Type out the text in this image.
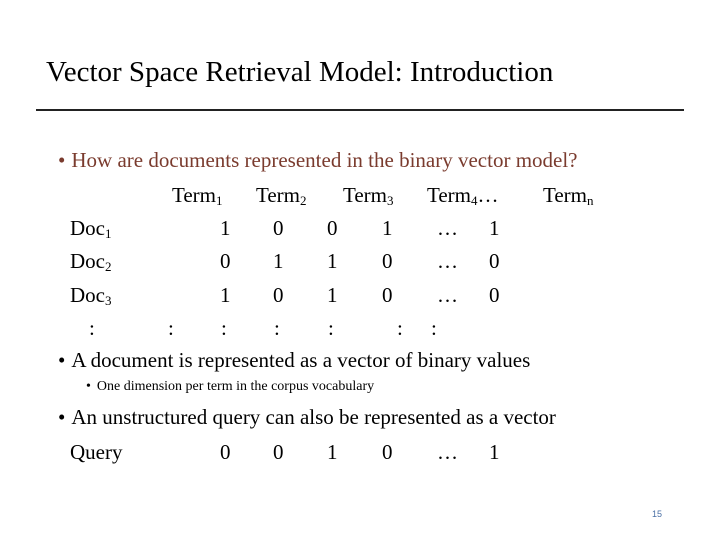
Vector Space Retrieval Model: Introduction
• How are documents represented in the binary vector model?
Term$_1$ Term$_2$ Term$_3$ Term$_4$… Term$_n$
Doc$_1$	1 0 0 1 … 1
Doc$_2$	0 1 1 0 … 0
Doc$_3$	1 0 1 0 … 0
:	: : : :	: :
• A document is represented as a vector of binary values
• One dimension per term in the corpus vocabulary
• An unstructured query can also be represented as a vector
Query	0 0 1 0 … 1
15
